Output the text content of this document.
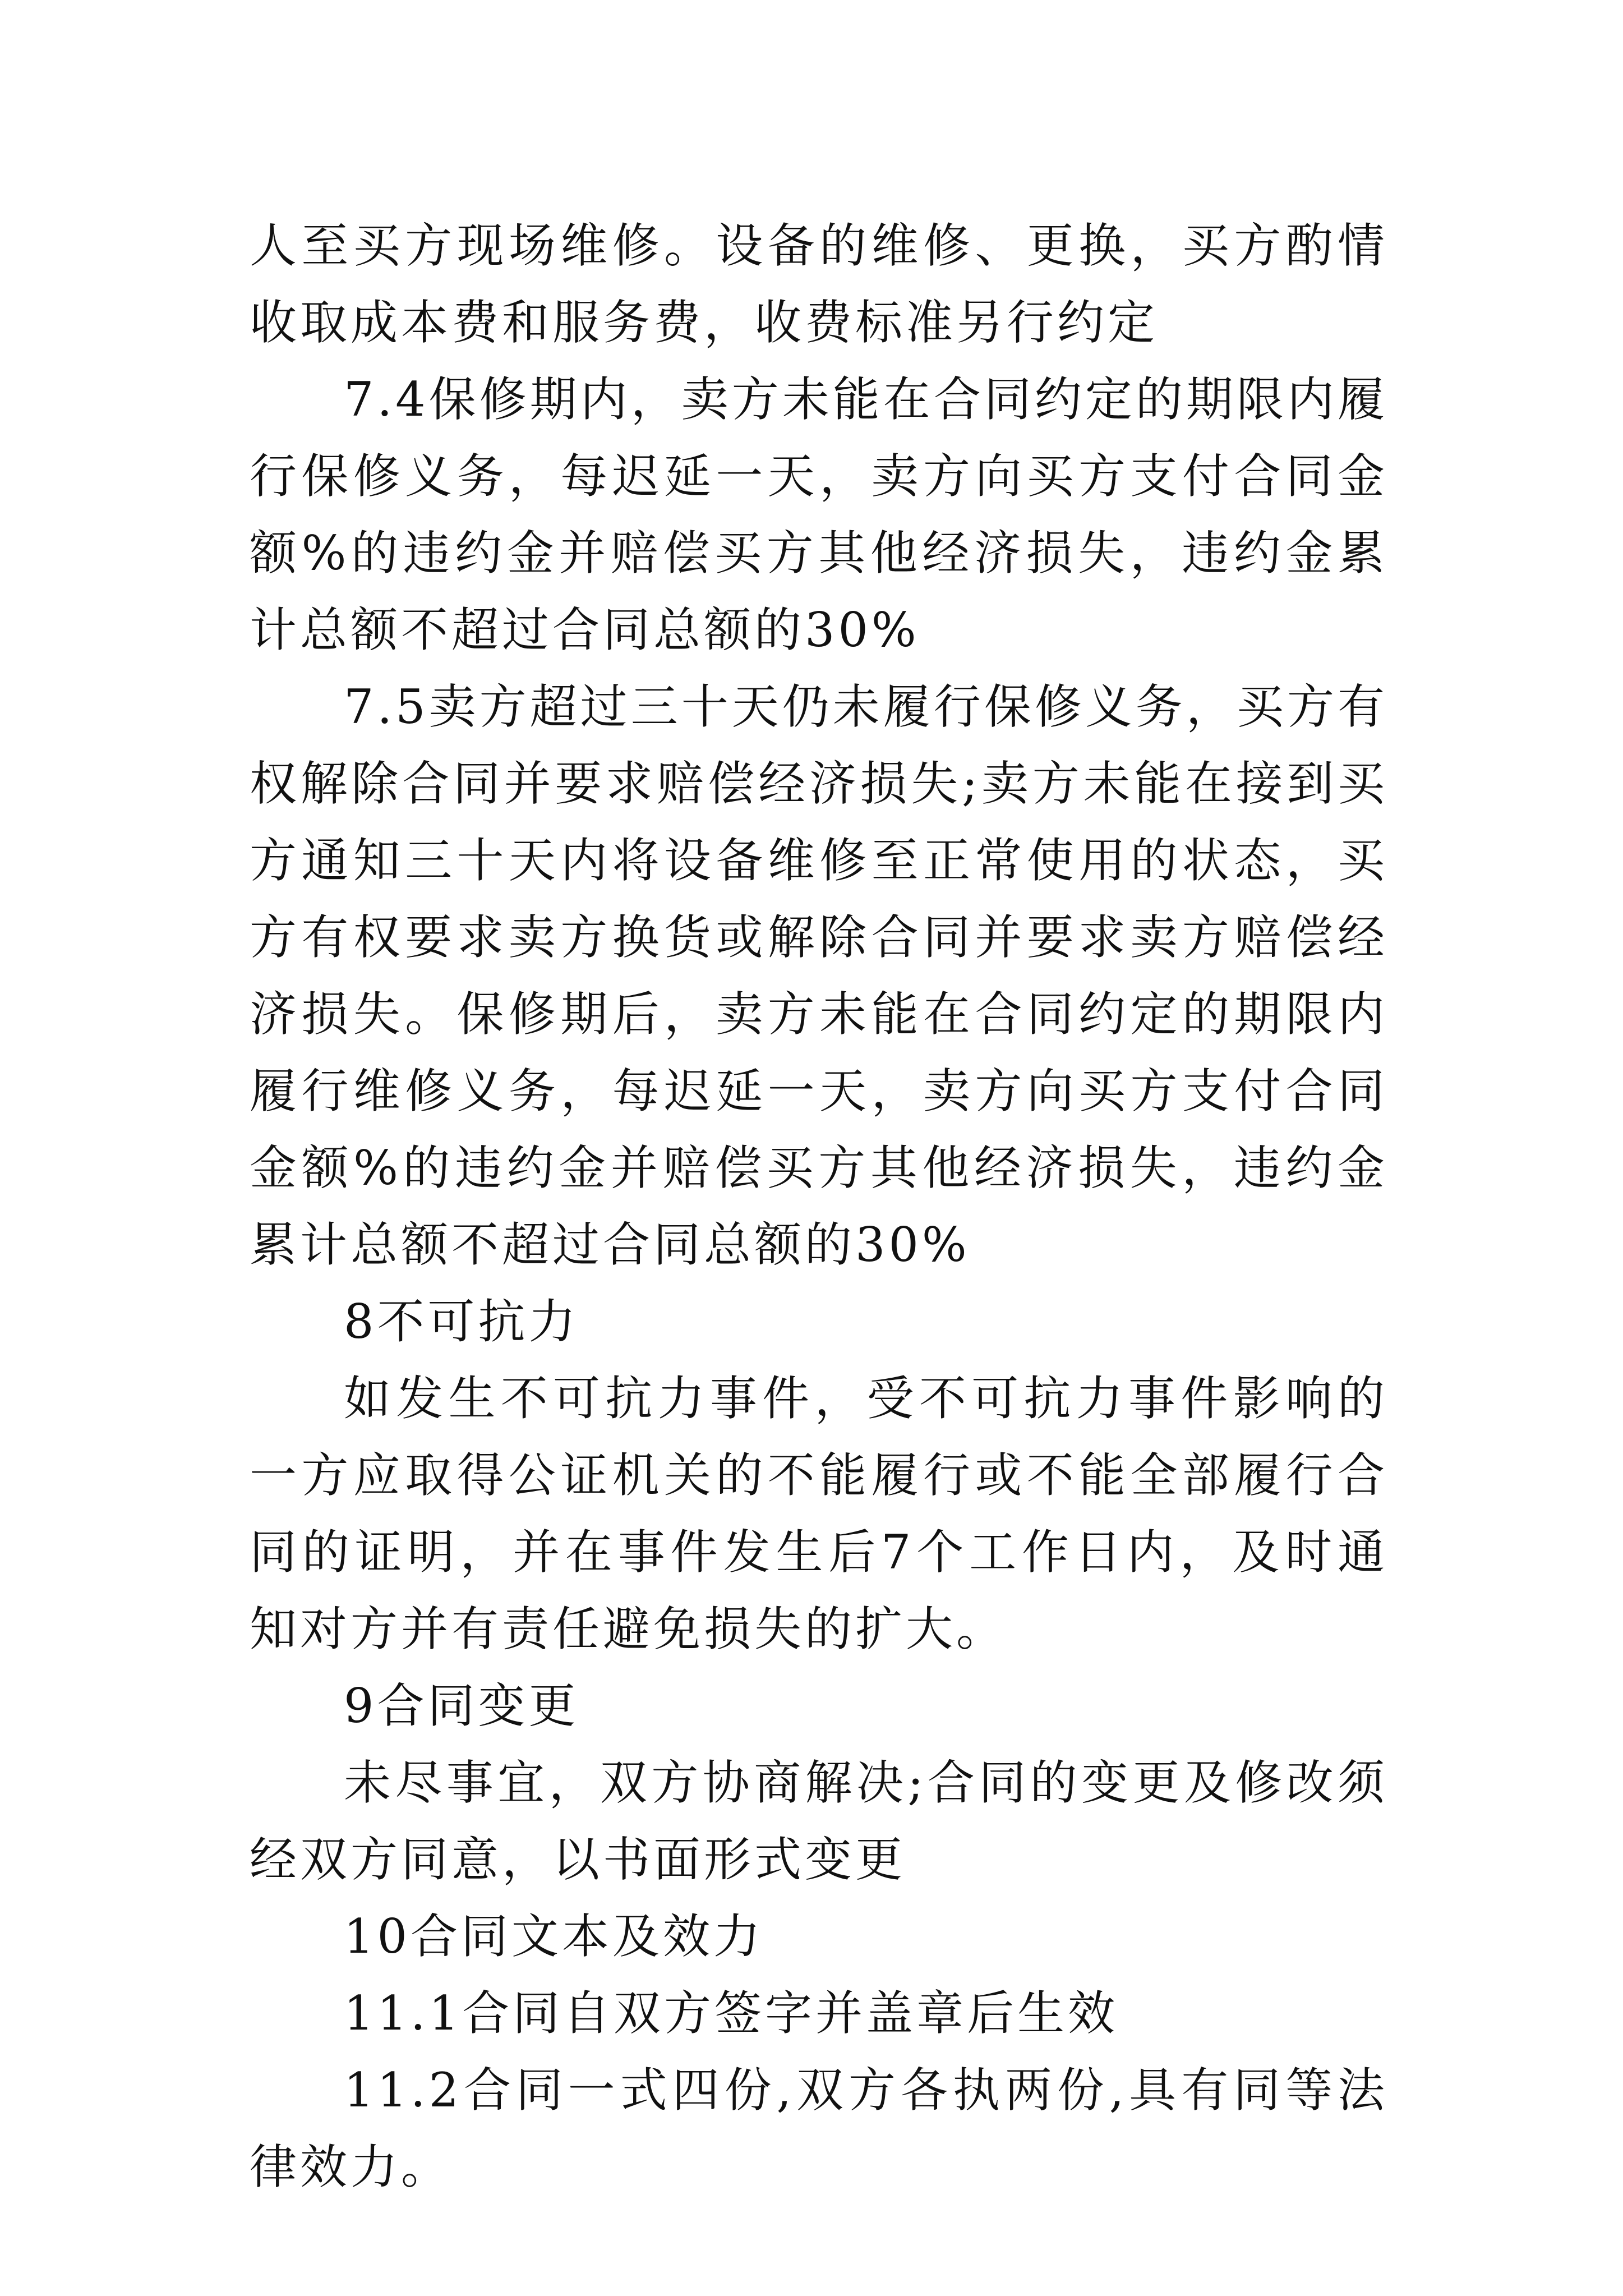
人至买方现场维修。设备的维修、更换，买方酌情收取成本费和服务费，收费标准另行约定

7.4保修期内，卖方未能在合同约定的期限内履行保修义务，每迟延一天，卖方向买方支付合同金额%的违约金并赔偿买方其他经济损失，违约金累计总额不超过合同总额的30%

7.5卖方超过三十天仍未履行保修义务，买方有权解除合同并要求赔偿经济损失;卖方未能在接到买方通知三十天内将设备维修至正常使用的状态，买方有权要求卖方换货或解除合同并要求卖方赔偿经济损失。保修期后，卖方未能在合同约定的期限内履行维修义务，每迟延一天，卖方向买方支付合同金额%的违约金并赔偿买方其他经济损失，违约金累计总额不超过合同总额的30%

8不可抗力

如发生不可抗力事件，受不可抗力事件影响的一方应取得公证机关的不能履行或不能全部履行合同的证明，并在事件发生后7个工作日内，及时通知对方并有责任避免损失的扩大。

9合同变更

未尽事宜，双方协商解决;合同的变更及修改须经双方同意，以书面形式变更

10合同文本及效力

11.1合同自双方签字并盖章后生效

11.2合同一式四份,双方各执两份,具有同等法律效力。
